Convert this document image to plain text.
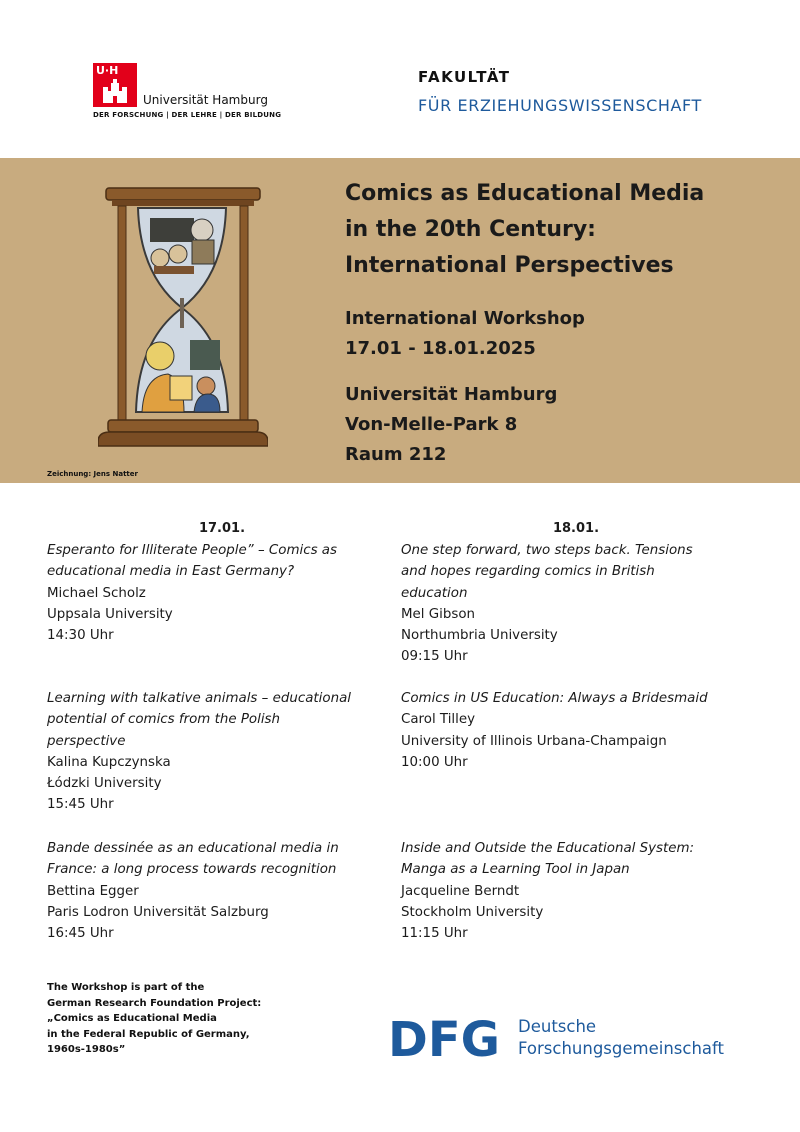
U·H
Universität Hamburg
DER FORSCHUNG | DER LEHRE | DER BILDUNG
FAKULTÄT
FÜR ERZIEHUNGSWISSENSCHAFT
Zeichnung: Jens Natter
Comics as Educational Media
in the 20th Century:
International Perspectives
International Workshop
17.01 - 18.01.2025
Universität Hamburg
Von-Melle-Park 8
Raum 212
17.01.
Esperanto for Illiterate People” – Comics as
educational media in East Germany?
Michael Scholz
Uppsala University
14:30 Uhr
Learning with talkative animals – educational
potential of comics from the Polish
perspective
Kalina Kupczynska
Łódzki University
15:45 Uhr
Bande dessinée as an educational media in
France: a long process towards recognition
Bettina Egger
Paris Lodron Universität Salzburg
16:45 Uhr
18.01.
One step forward, two steps back. Tensions
and hopes regarding comics in British
education
Mel Gibson
Northumbria University
09:15 Uhr
Comics in US Education: Always a Bridesmaid
Carol Tilley
University of Illinois Urbana-Champaign
10:00 Uhr
Inside and Outside the Educational System:
Manga as a Learning Tool in Japan
Jacqueline Berndt
Stockholm University
11:15 Uhr
The Workshop is part of the
German Research Foundation Project:
„Comics as Educational Media
in the Federal Republic of Germany,
1960s-1980s”	DFG Deutsche
Forschungsgemeinschaft
